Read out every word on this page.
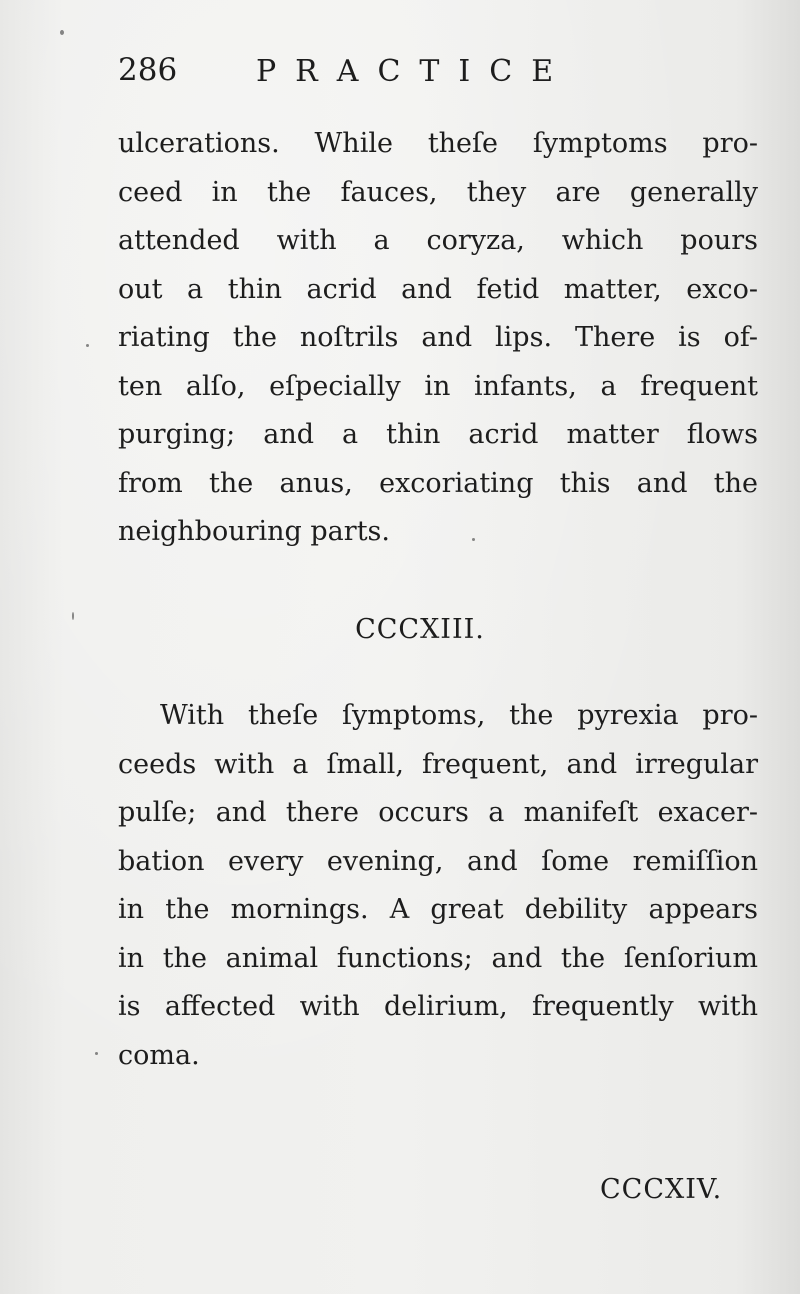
286	PRACTICE
ulcerations. While theſe ſymptoms pro-
ceed in the fauces, they are generally
attended with a coryza, which pours
out a thin acrid and fetid matter, exco-
riating the noſtrils and lips. There is of-
ten alſo, eſpecially in infants, a frequent
purging; and a thin acrid matter flows
from the anus, excoriating this and the
neighbouring parts.
CCCXIII.
With theſe ſymptoms, the pyrexia pro-
ceeds with a ſmall, frequent, and irregular
pulſe; and there occurs a manifeſt exacer-
bation every evening, and ſome remiſſion
in the mornings. A great debility appears
in the animal functions; and the ſenſorium
is affected with delirium, frequently with
coma.
CCCXIV.
